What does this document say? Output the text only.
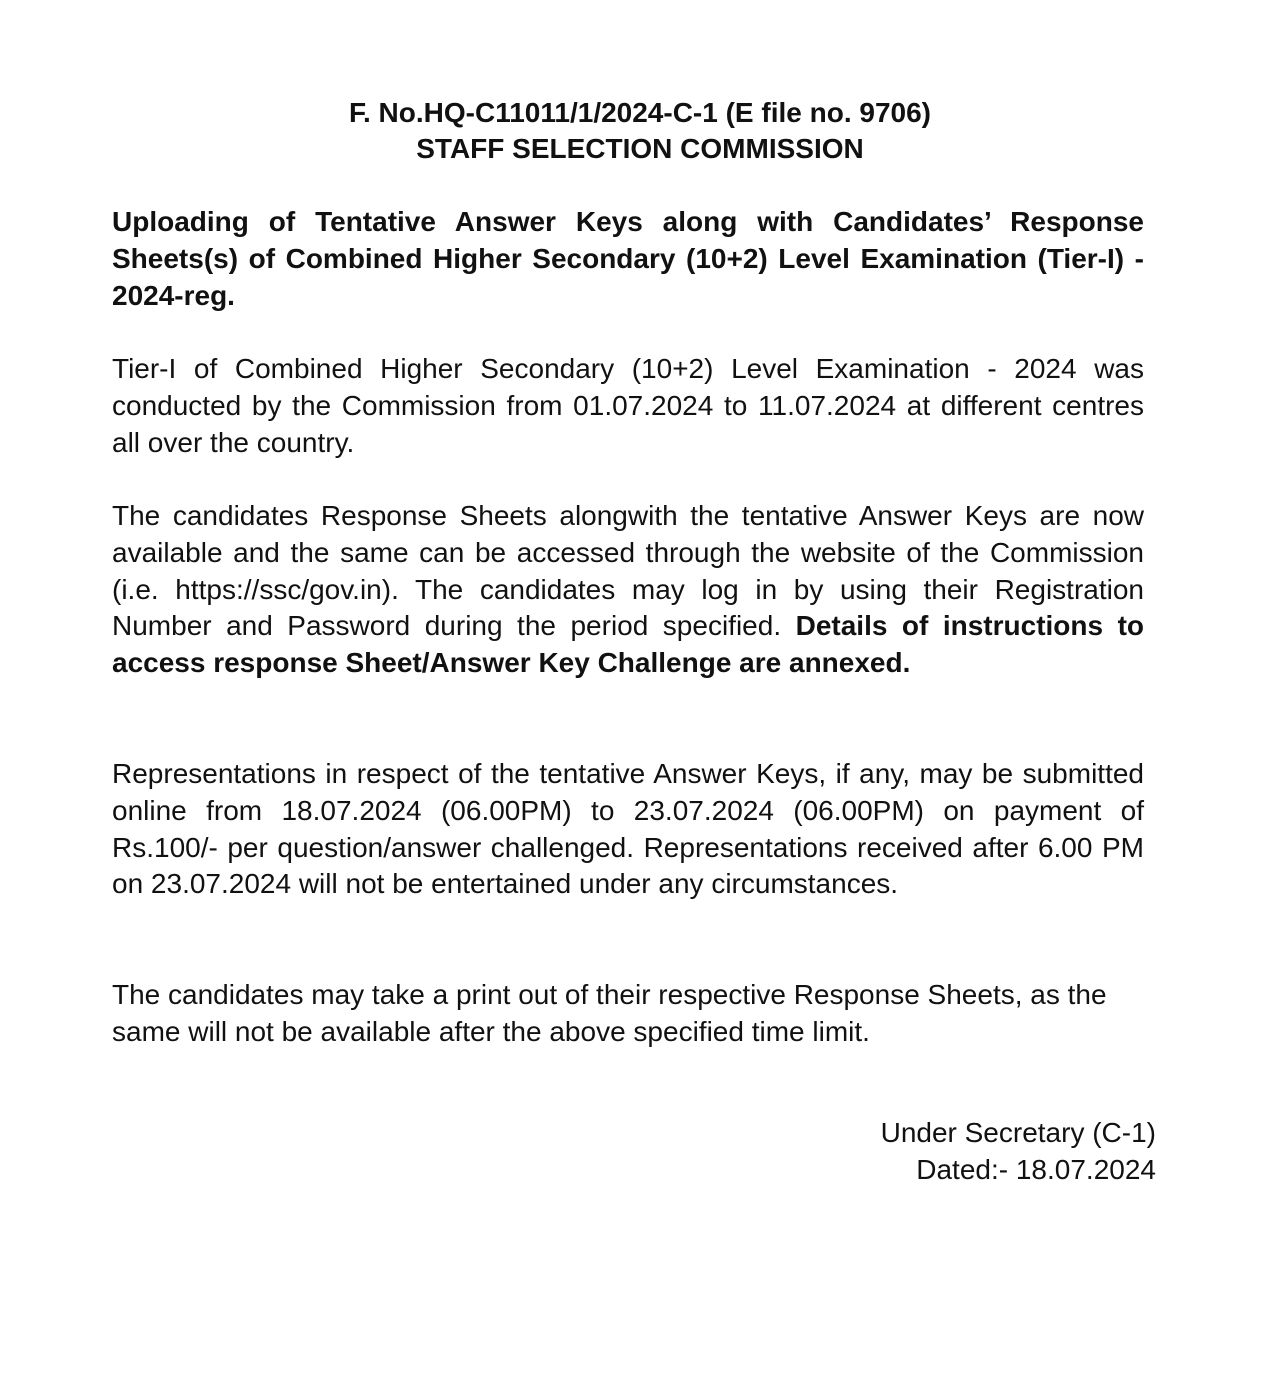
F. No.HQ-C11011/1/2024-C-1 (E file no. 9706)
STAFF SELECTION COMMISSION
Uploading of Tentative Answer Keys along with Candidates’ Response Sheets(s) of Combined Higher Secondary (10+2) Level Examination (Tier-I) - 2024-reg.
Tier-I of Combined Higher Secondary (10+2) Level Examination - 2024 was conducted by the Commission from 01.07.2024 to 11.07.2024 at different centres all over the country.
The candidates Response Sheets alongwith the tentative Answer Keys are now available and the same can be accessed through the website of the Commission (i.e. https://ssc/gov.in). The candidates may log in by using their Registration Number and Password during the period specified. Details of instructions to access response Sheet/Answer Key Challenge are annexed.
Representations in respect of the tentative Answer Keys, if any, may be submitted online from 18.07.2024 (06.00PM) to 23.07.2024 (06.00PM) on payment of Rs.100/- per question/answer challenged. Representations received after 6.00 PM on 23.07.2024 will not be entertained under any circumstances.
The candidates may take a print out of their respective Response Sheets, as the same will not be available after the above specified time limit.
Under Secretary (C-1)
Dated:- 18.07.2024
